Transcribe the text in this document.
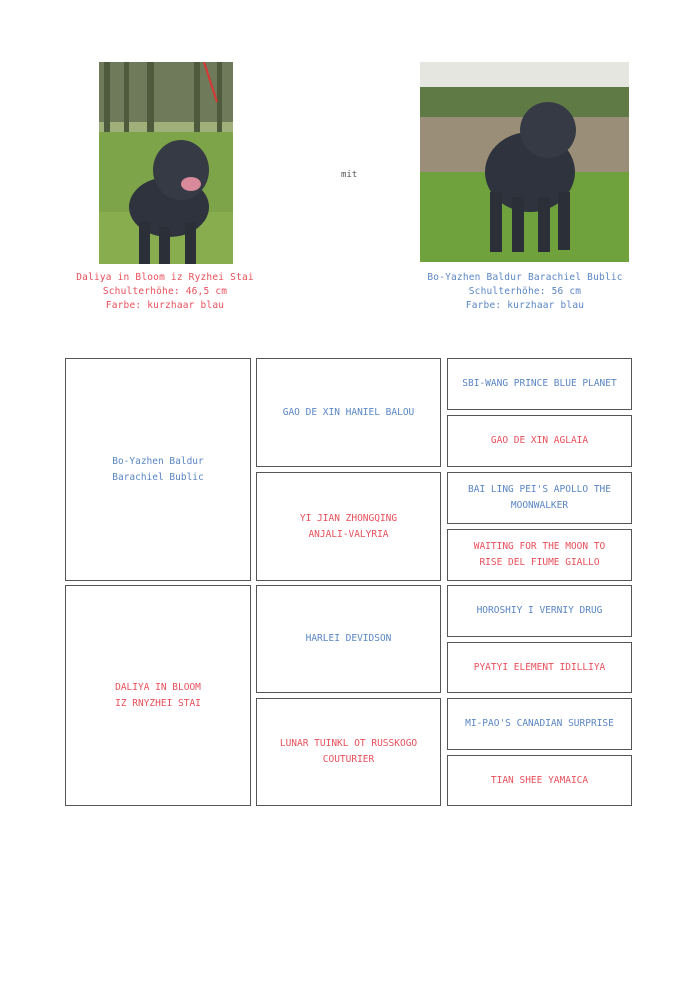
mit
Daliya in Bloom iz Ryzhei Stai
Schulterhöhe: 46,5 cm
Farbe: kurzhaar blau
Bo-Yazhen Baldur Barachiel Bublic
Schulterhöhe: 56 cm
Farbe: kurzhaar blau
Bo-Yazhen Baldur
Barachiel Bublic
DALIYA IN BLOOM
IZ RNYZHEI STAI
GAO DE XIN HANIEL BALOU
YI JIAN ZHONGQING
ANJALI-VALYRIA
HARLEI DEVIDSON
LUNAR TUINKL OT RUSSKOGO
COUTURIER
SBI-WANG PRINCE BLUE PLANET
GAO DE XIN AGLAIA
BAI LING PEI'S APOLLO THE
MOONWALKER
WAITING FOR THE MOON TO
RISE DEL FIUME GIALLO
HOROSHIY I VERNIY DRUG
PYATYI ELEMENT IDILLIYA
MI-PAO'S CANADIAN SURPRISE
TIAN SHEE YAMAICA
